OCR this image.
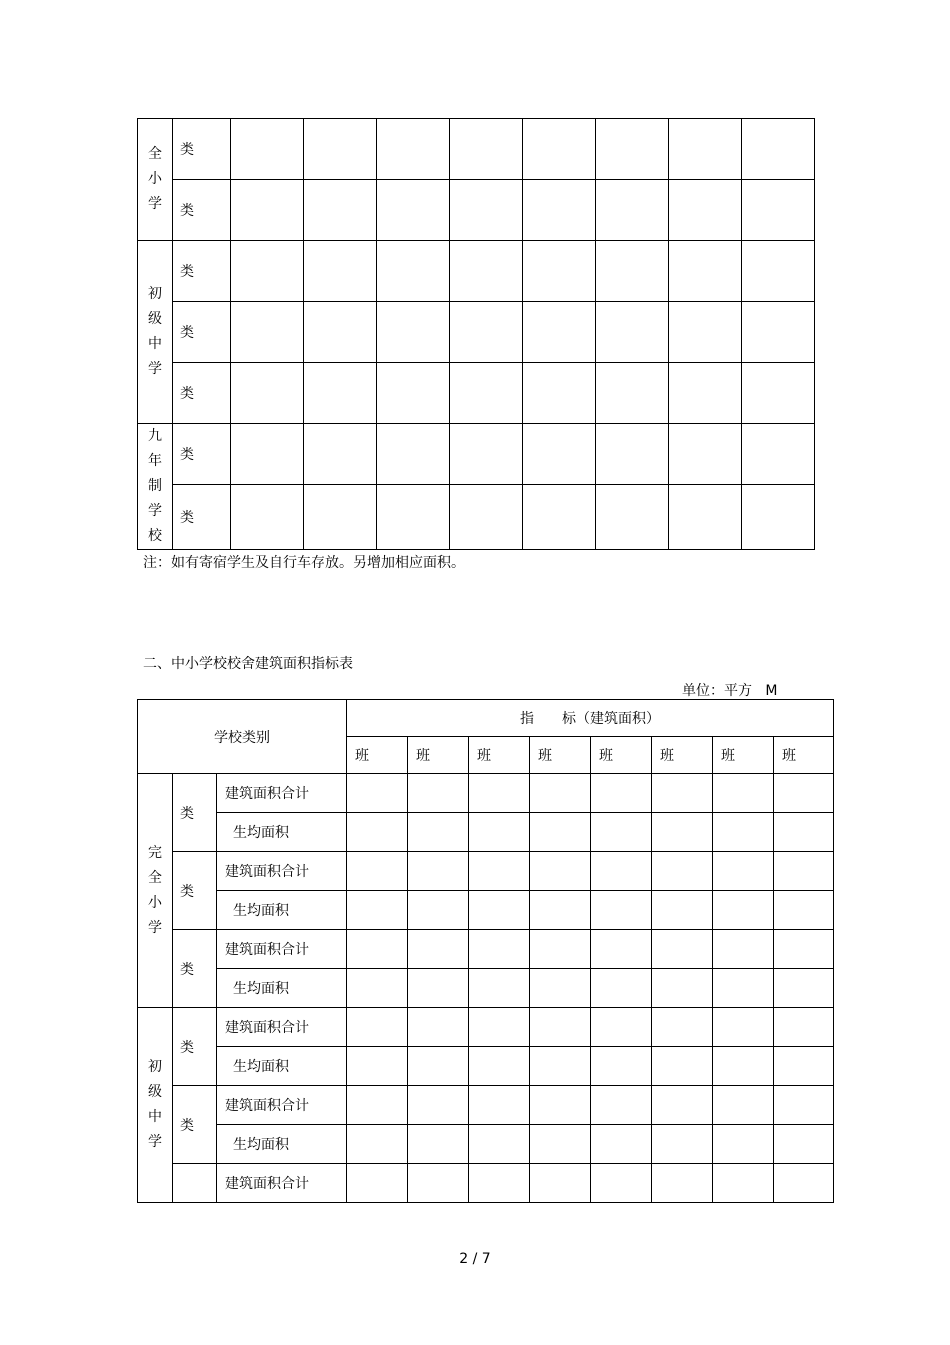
全
小
学	类								
	类								

初
级
中
学	类								
	类								
	类								

九
年
制
学
校	类								
	类								
注：如有寄宿学生及自行车存放。另增加相应面积。
二、中小学校校舍建筑面积指标表
单位：平方 M
学校类别			指　　标（建筑面积）							
			班	班	班	班	班	班	班	班

完
全
小
学	类	建筑面积合计								
		生均面积								
	类	建筑面积合计								
		生均面积								
	类	建筑面积合计								
		生均面积								

初
级
中
学	类	建筑面积合计								
		生均面积								
	类	建筑面积合计								
		生均面积								
		建筑面积合计								
2 / 7
